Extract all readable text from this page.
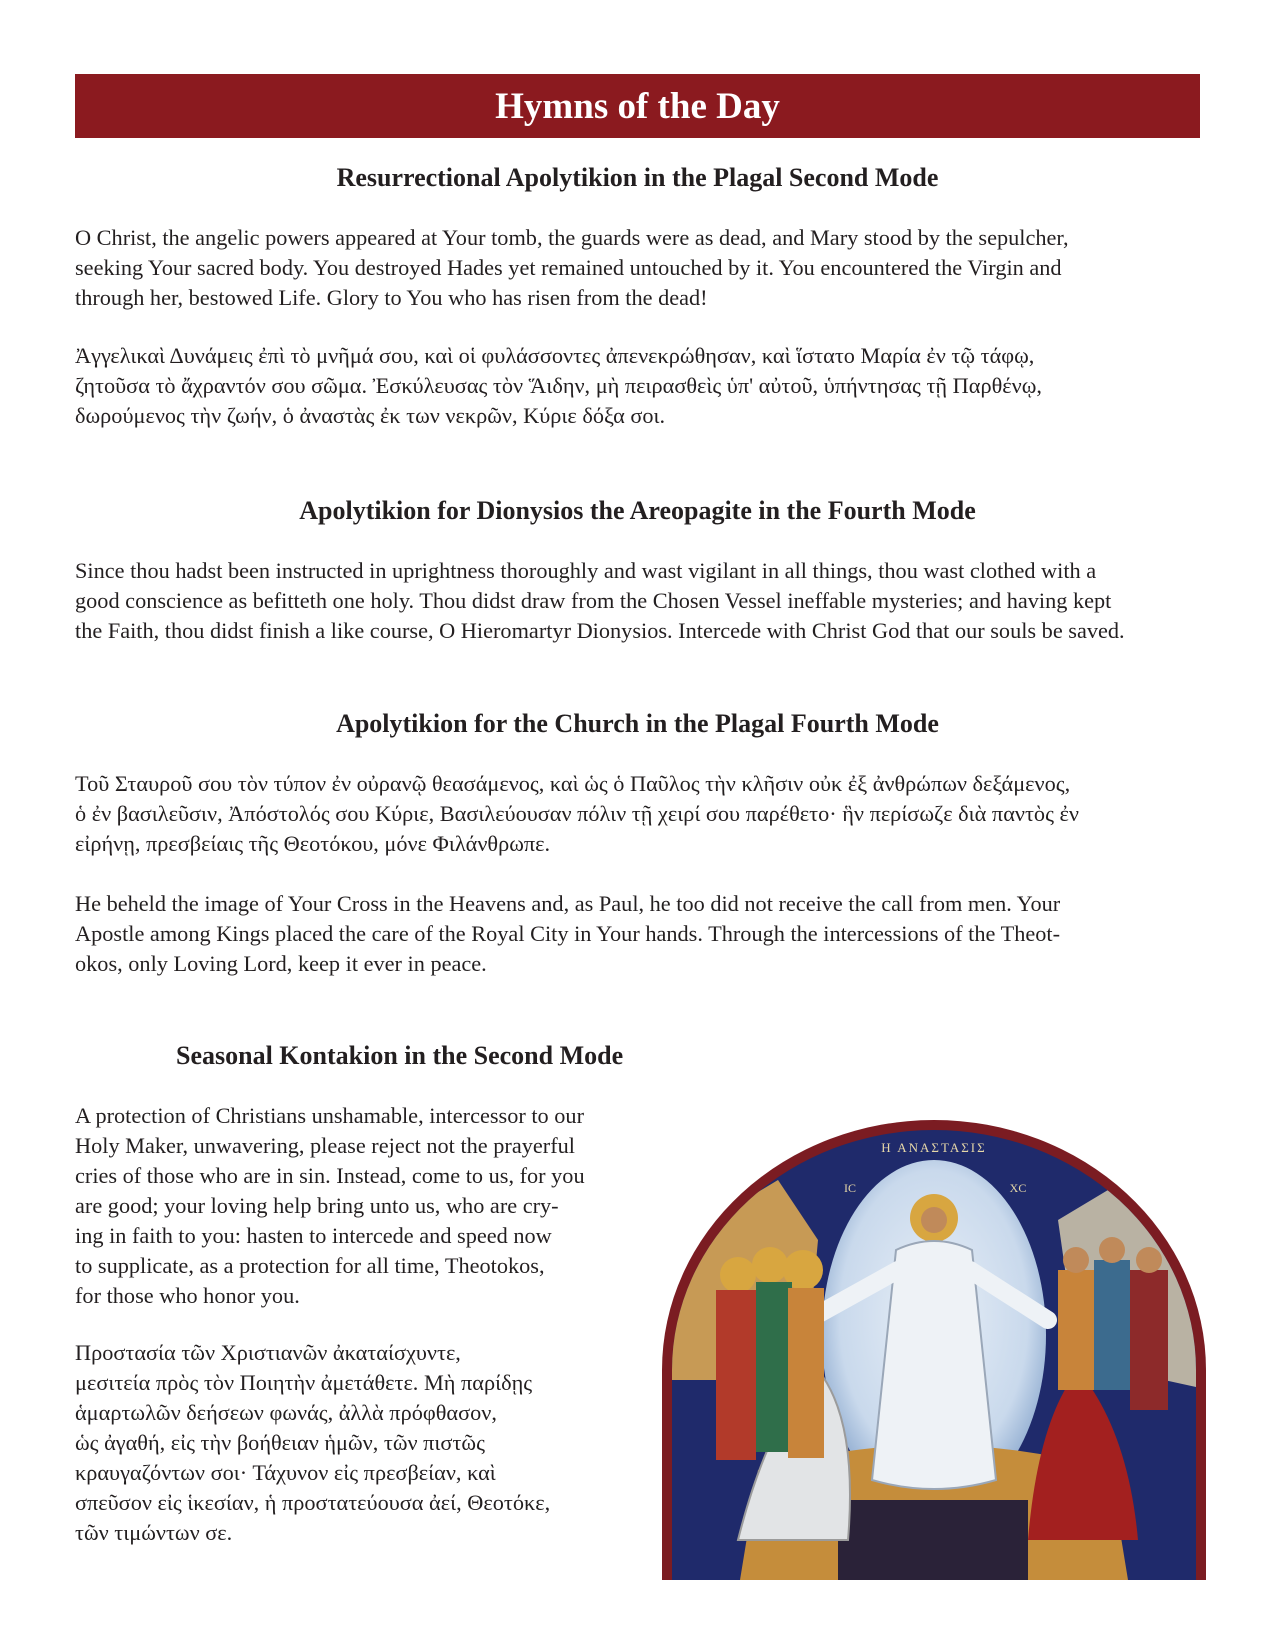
Hymns of the Day
Resurrectional Apolytikion in the Plagal Second Mode

O Christ, the angelic powers appeared at Your tomb, the guards were as dead, and Mary stood by the sepulcher,
seeking Your sacred body. You destroyed Hades yet remained untouched by it. You encountered the Virgin and
through her, bestowed Life. Glory to You who has risen from the dead!

Ἀγγελικαὶ Δυνάμεις ἐπὶ τὸ μνῆμά σου, καὶ οἱ φυλάσσοντες ἀπενεκρώθησαν, καὶ ἵστατο Μαρία ἐν τῷ τάφῳ,
ζητοῦσα τὸ ἄχραντόν σου σῶμα. Ἐσκύλευσας τὸν Ἅιδην, μὴ πειρασθεὶς ὑπ' αὐτοῦ, ὑπήντησας τῇ Παρθένῳ,
δωρούμενος τὴν ζωήν, ὁ ἀναστὰς ἐκ των νεκρῶν, Κύριε δόξα σοι.

Apolytikion for Dionysios the Areopagite in the Fourth Mode

Since thou hadst been instructed in uprightness thoroughly and wast vigilant in all things, thou wast clothed with a
good conscience as befitteth one holy. Thou didst draw from the Chosen Vessel ineffable mysteries; and having kept
the Faith, thou didst finish a like course, O Hieromartyr Dionysios. Intercede with Christ God that our souls be saved.

Apolytikion for the Church in the Plagal Fourth Mode

Τοῦ Σταυροῦ σου τὸν τύπον ἐν οὐρανῷ θεασάμενος, καὶ ὡς ὁ Παῦλος τὴν κλῆσιν οὐκ ἐξ ἀνθρώπων δεξάμενος,
ὁ ἐν βασιλεῦσιν, Ἀπόστολός σου Κύριε, Βασιλεύουσαν πόλιν τῇ χειρί σου παρέθετο· ἣν περίσωζε διὰ παντὸς ἐν
εἰρήνῃ, πρεσβείαις τῆς Θεοτόκου, μόνε Φιλάνθρωπε.

He beheld the image of Your Cross in the Heavens and, as Paul, he too did not receive the call from men. Your
Apostle among Kings placed the care of the Royal City in Your hands. Through the intercessions of the Theot-
okos, only Loving Lord, keep it ever in peace.

Seasonal Kontakion in the Second Mode

A protection of Christians unshamable, intercessor to our
Holy Maker, unwavering, please reject not the prayerful
cries of those who are in sin. Instead, come to us, for you
are good; your loving help bring unto us, who are cry-
ing in faith to you: hasten to intercede and speed now
to supplicate, as a protection for all time, Theotokos,
for those who honor you.

Προστασία τῶν Χριστιανῶν ἀκαταίσχυντε,
μεσιτεία πρὸς τὸν Ποιητὴν ἀμετάθετε. Μὴ παρίδῃς
ἁμαρτωλῶν δεήσεων φωνάς, ἀλλὰ πρόφθασον,
ὡς ἀγαθή, εἰς τὴν βοήθειαν ἡμῶν, τῶν πιστῶς
κραυγαζόντων σοι· Τάχυνον εἰς πρεσβείαν, καὶ
σπεῦσον εἰς ἱκεσίαν, ἡ προστατεύουσα ἀεί, Θεοτόκε,
τῶν τιμώντων σε.

Η ΑΝΑΣΤΑΣΙΣ
IC	XC
